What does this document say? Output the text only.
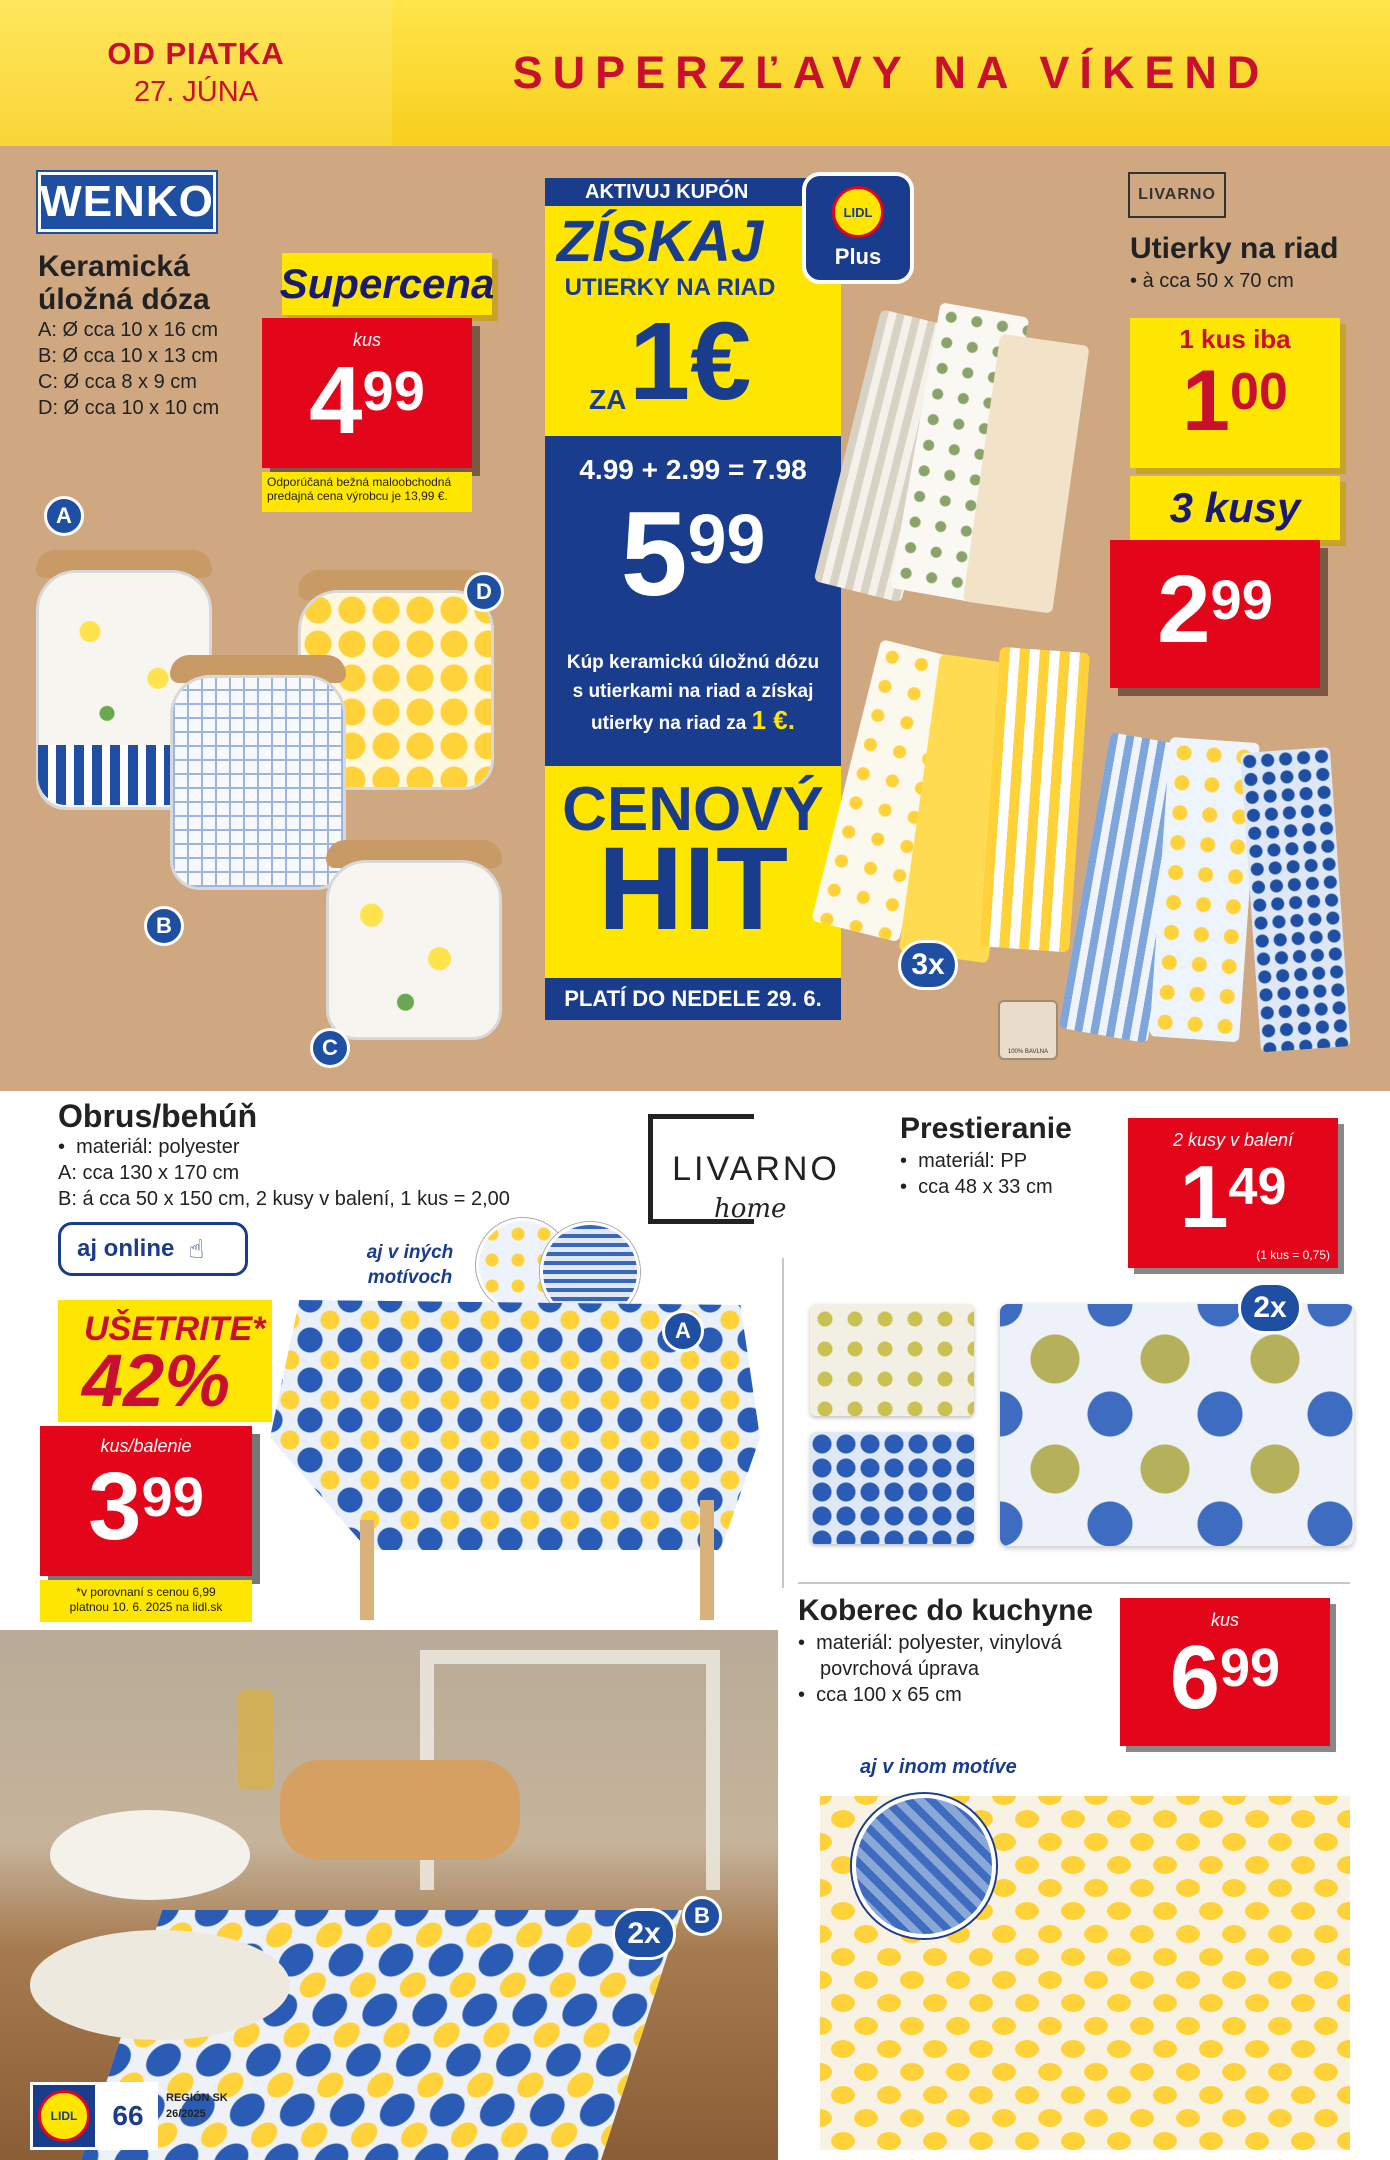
OD PIATKA
27. JÚNA	SUPERZĽAVY NA VÍKEND
WENKO
Keramická
úložná dóza
A: Ø cca 10 x 16 cm
B: Ø cca 10 x 13 cm
C: Ø cca 8 x 9 cm
D: Ø cca 10 x 10 cm
Supercena
kus
4 99
Odporúčaná bežná maloobchodná predajná cena výrobcu je 13,99 €.
A
D
B
C
AKTIVUJ KUPÓN
ZÍSKAJ
UTIERKY NA RIAD
ZA 1€
4.99 + 2.99 = 7.98
5 99
Kúp keramickú úložnú dózu
s utierkami na riad a získaj
utierky na riad za 1 €.
CENOVÝ
HIT
PLATÍ DO NEDELE 29. 6.
LIDL
Plus
LIVARNO
Utierky na riad
• à cca 50 x 70 cm
1 kus iba
1 00
3 kusy
2 99
3x
100% BAVLNA
Obrus/behúň
•  materiál: polyester
A: cca 130 x 170 cm
B: á cca 50 x 150 cm, 2 kusy v balení, 1 kus = 2,00
aj online ☝	aj v iných
motívoch
UŠETRITE*
42%
kus/balenie
3 99
*v porovnaní s cenou 6,99
platnou 10. 6. 2025 na lidl.sk
A
2x
B
LIVARNO
home
Prestieranie
•  materiál: PP
•  cca 48 x 33 cm
2 kusy v balení
1 49
(1 kus = 0,75)
2x
Koberec do kuchyne
•  materiál: polyester, vinylová
povrchová úprava
•  cca 100 x 65 cm
kus
6 99
aj v inom motíve
LIDL	66
REGIÓN SK
26/2025
